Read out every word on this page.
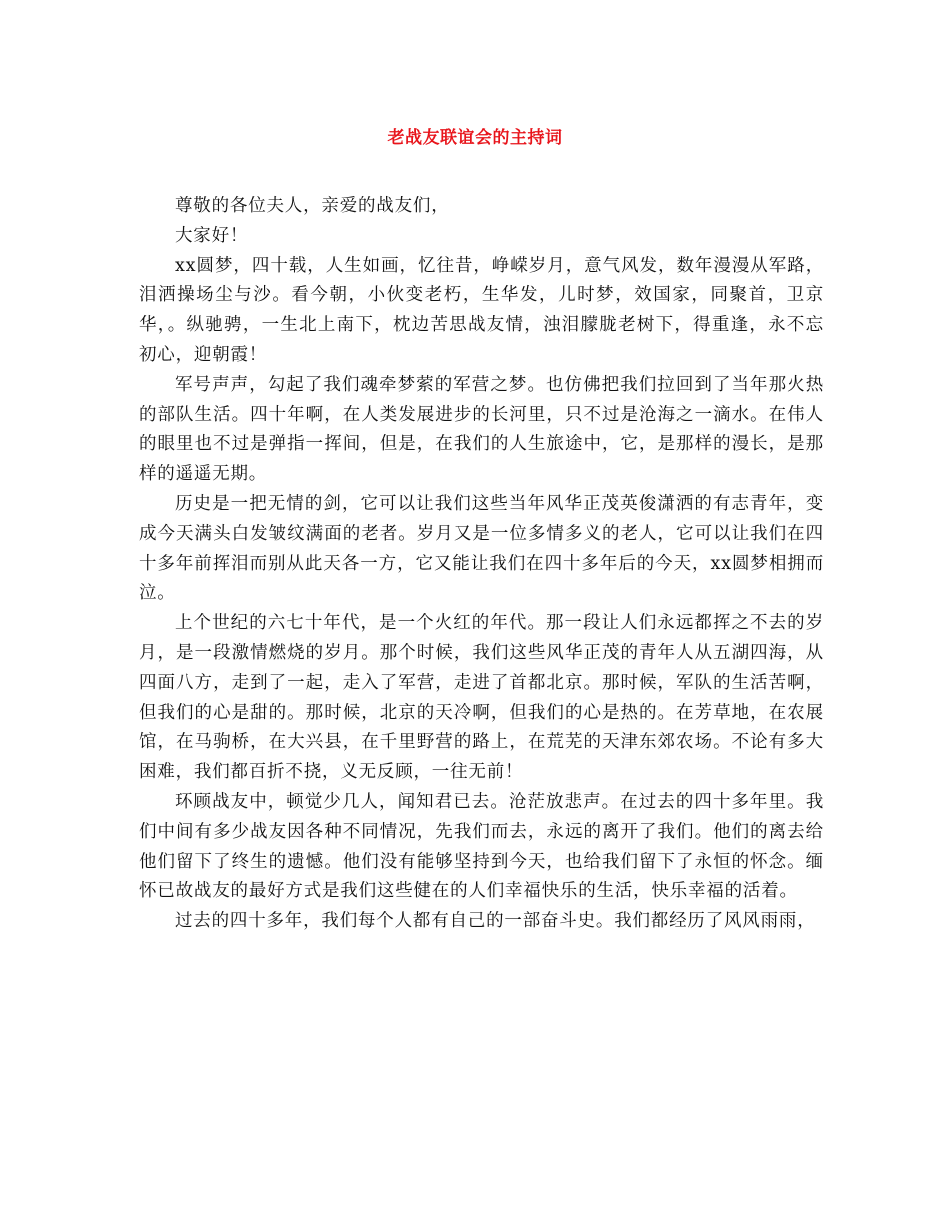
老战友联谊会的主持词

尊敬的各位夫人，亲爱的战友们，

大家好！

xx圆梦，四十载，人生如画，忆往昔，峥嵘岁月，意气风发，数年漫漫从军路，泪洒操场尘与沙。看今朝，小伙变老朽，生华发，儿时梦，效国家，同聚首，卫京华，。纵驰骋，一生北上南下，枕边苦思战友情，浊泪朦胧老树下，得重逢，永不忘初心，迎朝霞！

军号声声，勾起了我们魂牵梦萦的军营之梦。也仿佛把我们拉回到了当年那火热的部队生活。四十年啊，在人类发展进步的长河里，只不过是沧海之一滴水。在伟人的眼里也不过是弹指一挥间，但是，在我们的人生旅途中，它，是那样的漫长，是那样的遥遥无期。

历史是一把无情的剑，它可以让我们这些当年风华正茂英俊潇洒的有志青年，变成今天满头白发皱纹满面的老者。岁月又是一位多情多义的老人，它可以让我们在四十多年前挥泪而别从此天各一方，它又能让我们在四十多年后的今天，xx圆梦相拥而泣。

上个世纪的六七十年代，是一个火红的年代。那一段让人们永远都挥之不去的岁月，是一段激情燃烧的岁月。那个时候，我们这些风华正茂的青年人从五湖四海，从四面八方，走到了一起，走入了军营，走进了首都北京。那时候，军队的生活苦啊，但我们的心是甜的。那时候，北京的天冷啊，但我们的心是热的。在芳草地，在农展馆，在马驹桥，在大兴县，在千里野营的路上，在荒芜的天津东郊农场。不论有多大困难，我们都百折不挠，义无反顾，一往无前！

环顾战友中，顿觉少几人，闻知君已去。沧茫放悲声。在过去的四十多年里。我们中间有多少战友因各种不同情况，先我们而去，永远的离开了我们。他们的离去给他们留下了终生的遗憾。他们没有能够坚持到今天，也给我们留下了永恒的怀念。缅怀已故战友的最好方式是我们这些健在的人们幸福快乐的生活，快乐幸福的活着。

过去的四十多年，我们每个人都有自己的一部奋斗史。我们都经历了风风雨雨，
